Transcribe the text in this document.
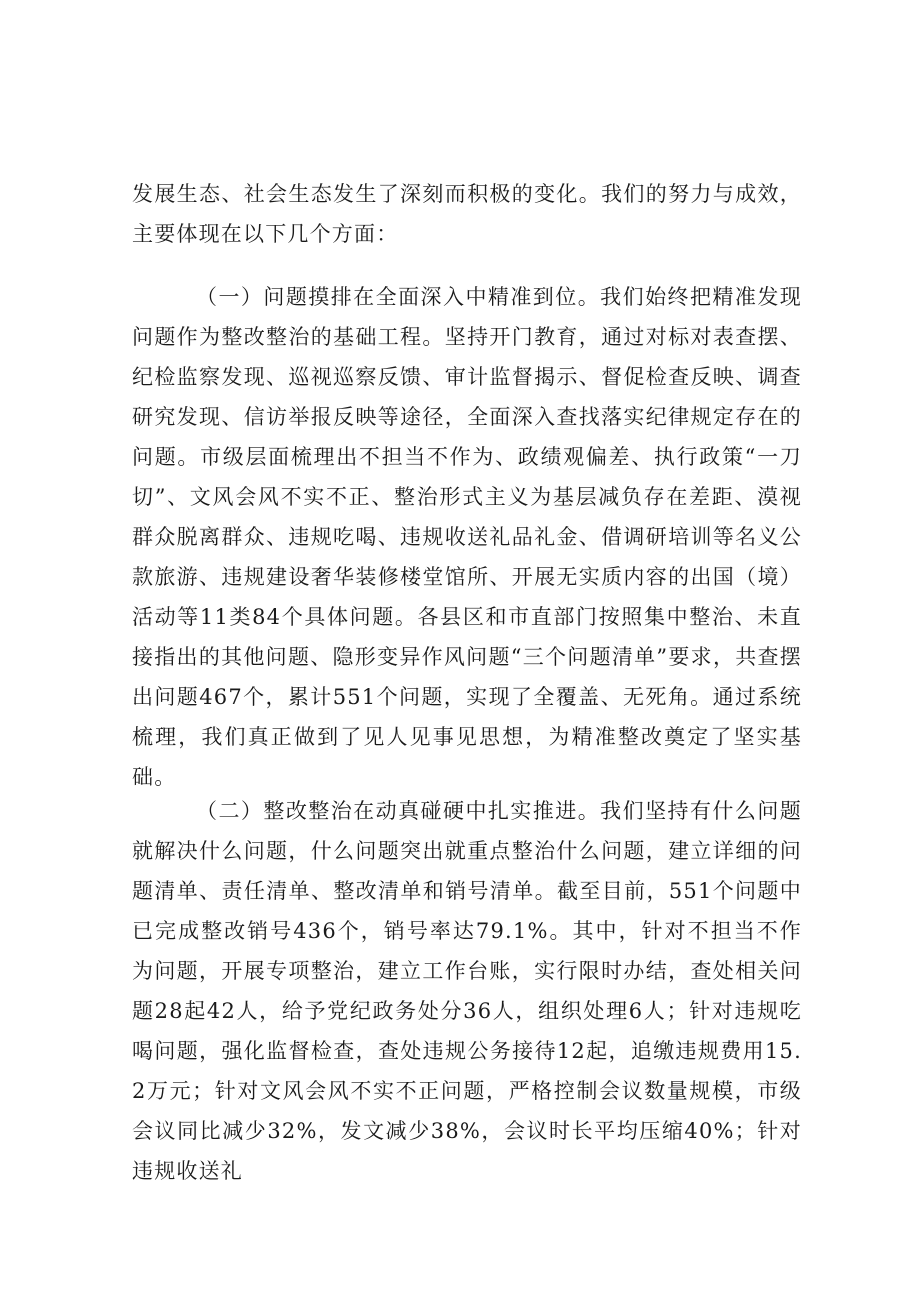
发展生态、社会生态发生了深刻而积极的变化。我们的努力与成效，主要体现在以下几个方面：

（一）问题摸排在全面深入中精准到位。我们始终把精准发现问题作为整改整治的基础工程。坚持开门教育，通过对标对表查摆、纪检监察发现、巡视巡察反馈、审计监督揭示、督促检查反映、调查研究发现、信访举报反映等途径，全面深入查找落实纪律规定存在的问题。市级层面梳理出不担当不作为、政绩观偏差、执行政策“一刀切”、文风会风不实不正、整治形式主义为基层减负存在差距、漠视群众脱离群众、违规吃喝、违规收送礼品礼金、借调研培训等名义公款旅游、违规建设奢华装修楼堂馆所、开展无实质内容的出国（境）活动等11类84个具体问题。各县区和市直部门按照集中整治、未直接指出的其他问题、隐形变异作风问题“三个问题清单”要求，共查摆出问题467个，累计551个问题，实现了全覆盖、无死角。通过系统梳理，我们真正做到了见人见事见思想，为精准整改奠定了坚实基础。

（二）整改整治在动真碰硬中扎实推进。我们坚持有什么问题就解决什么问题，什么问题突出就重点整治什么问题，建立详细的问题清单、责任清单、整改清单和销号清单。截至目前，551个问题中已完成整改销号436个，销号率达79.1%。其中，针对不担当不作为问题，开展专项整治，建立工作台账，实行限时办结，查处相关问题28起42人，给予党纪政务处分36人，组织处理6人；针对违规吃喝问题，强化监督检查，查处违规公务接待12起，追缴违规费用15.2万元；针对文风会风不实不正问题，严格控制会议数量规模，市级会议同比减少32%，发文减少38%，会议时长平均压缩40%；针对违规收送礼
